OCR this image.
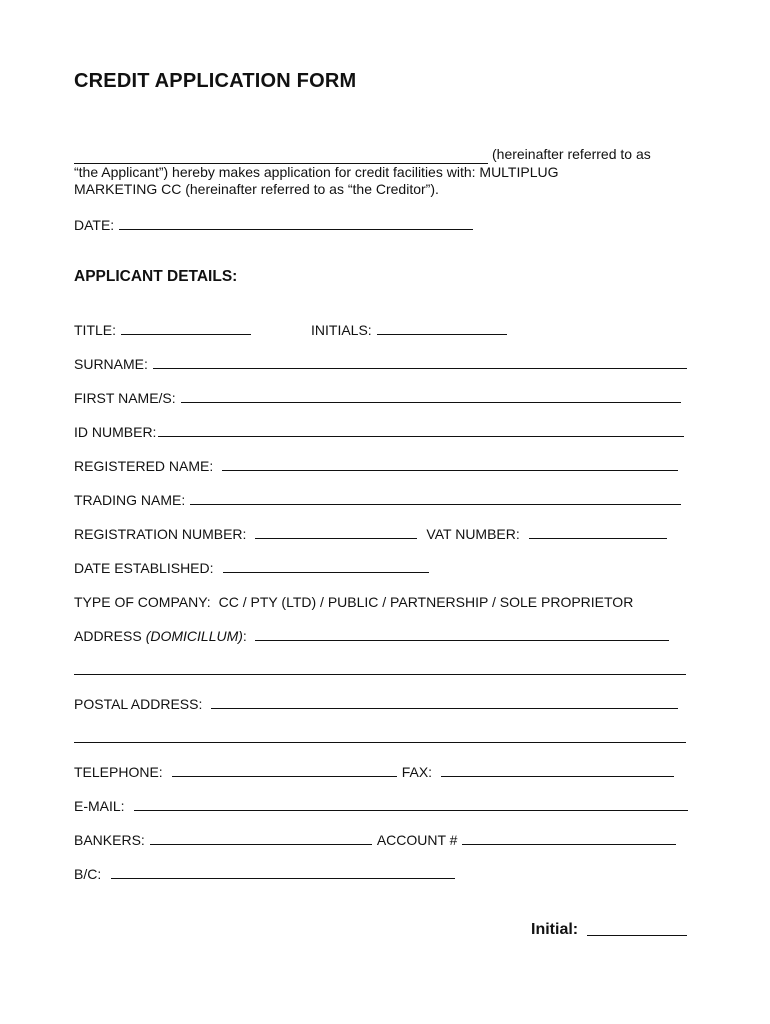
CREDIT APPLICATION FORM
(hereinafter referred to as
“the Applicant”) hereby makes application for credit facilities with: MULTIPLUG
MARKETING CC (hereinafter referred to as “the Creditor”).
DATE:
APPLICANT DETAILS:
TITLE:	INITIALS:
SURNAME:
FIRST NAME/S:
ID NUMBER:
REGISTERED NAME:
TRADING NAME:
REGISTRATION NUMBER:	VAT NUMBER:
DATE ESTABLISHED:
TYPE OF COMPANY: CC / PTY (LTD) / PUBLIC / PARTNERSHIP / SOLE PROPRIETOR
ADDRESS (DOMICILLUM) :
POSTAL ADDRESS:
TELEPHONE:	FAX:
E-MAIL:
BANKERS:	ACCOUNT #
B/C:
Initial:
